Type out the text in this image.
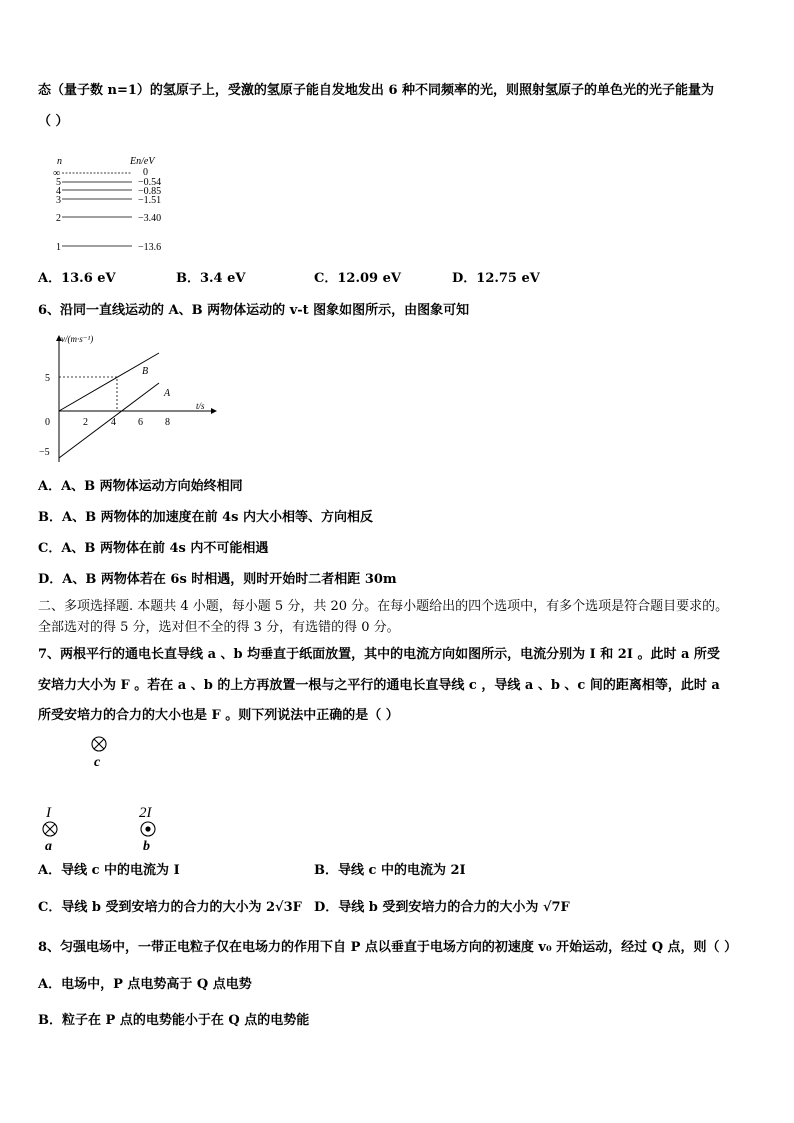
态（量子数 n=1）的氢原子上，受激的氢原子能自发地发出 6 种不同频率的光，则照射氢原子的单色光的光子能量为
（ ）
n	En/eV
∞	0
5	−0.54
4	−0.85
3	−1.51
2	−3.40
1	−13.6
A．13.6 eV	B．3.4 eV	C．12.09 eV	D．12.75 eV
6、沿同一直线运动的 A、B 两物体运动的 v-t 图象如图所示，由图象可知
v/(m·s⁻¹)
t/s
5
0
−5
2 4 6 8
B
A
A．A、B 两物体运动方向始终相同
B．A、B 两物体的加速度在前 4s 内大小相等、方向相反
C．A、B 两物体在前 4s 内不可能相遇
D．A、B 两物体若在 6s 时相遇，则时开始时二者相距 30m
二、多项选择题. 本题共 4 小题，每小题 5 分，共 20 分。在每小题给出的四个选项中，有多个选项是符合题目要求的。
全部选对的得 5 分，选对但不全的得 3 分，有选错的得 0 分。
7、两根平行的通电长直导线 a 、b 均垂直于纸面放置，其中的电流方向如图所示，电流分别为 I 和 2I 。此时 a 所受
安培力大小为 F 。若在 a 、b 的上方再放置一根与之平行的通电长直导线 c ，导线 a 、b 、c 间的距离相等，此时 a
所受安培力的合力的大小也是 F 。则下列说法中正确的是（ ）
c
I
a
2I
b
A．导线 c 中的电流为 I	B．导线 c 中的电流为 2I
C．导线 b 受到安培力的合力的大小为 2√3F D．导线 b 受到安培力的合力的大小为 √7F
8、匀强电场中，一带正电粒子仅在电场力的作用下自 P 点以垂直于电场方向的初速度 v₀ 开始运动，经过 Q 点，则（ ）
A．电场中，P 点电势高于 Q 点电势
B．粒子在 P 点的电势能小于在 Q 点的电势能
